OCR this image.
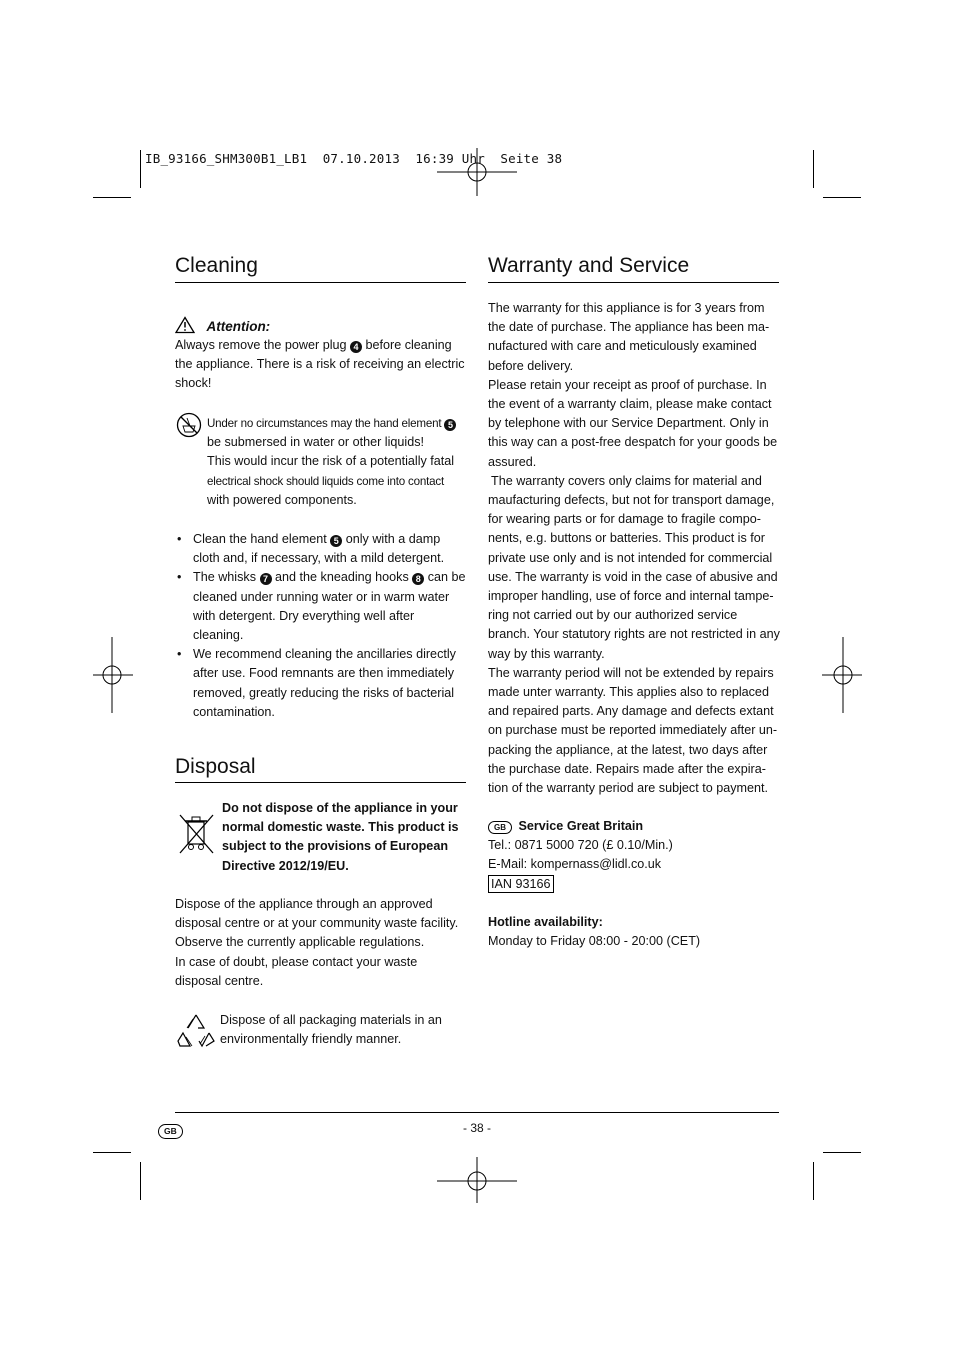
IB_93166_SHM300B1_LB1  07.10.2013  16:39 Uhr  Seite 38
Cleaning
Attention:
Always remove the power plug 4 before cleaning the appliance. There is a risk of receiving an electric shock!
Under no circumstances may the hand element 5
be submersed in water or other liquids!
This would incur the risk of a potentially fatal
electrical shock should liquids come into contact
with powered components.
• Clean the hand element 5 only with a damp cloth and, if necessary, with a mild detergent.
• The whisks 7 and the kneading hooks 8 can be cleaned under running water or in warm water with detergent. Dry everything well after cleaning.
• We recommend cleaning the ancillaries directly after use. Food remnants are then immediately removed, greatly reducing the risks of bacterial contamination.
Disposal
Do not dispose of the appliance in your normal domestic waste. This product is subject to the provisions of European Directive 2012/19/EU.
Dispose of the appliance through an approved disposal centre or at your community waste facility. Observe the currently applicable regulations.
In case of doubt, please contact your waste disposal centre.
Dispose of all packaging materials in an environmentally friendly manner.
Warranty and Service
The warranty for this appliance is for 3 years from the date of purchase. The appliance has been ma-nufactured with care and meticulously examined before delivery.
Please retain your receipt as proof of purchase. In the event of a warranty claim, please make contact by telephone with our Service Department. Only in this way can a post-free despatch for your goods be assured.
The warranty covers only claims for material and maufacturing defects, but not for transport damage, for wearing parts or for damage to fragile compo-nents, e.g. buttons or batteries. This product is for private use only and is not intended for commercial use. The warranty is void in the case of abusive and improper handling, use of force and internal tampe-ring not carried out by our authorized service branch. Your statutory rights are not restricted in any way by this warranty.
The warranty period will not be extended by repairs made unter warranty. This applies also to replaced and repaired parts. Any damage and defects extant on purchase must be reported immediately after un-packing the appliance, at the latest, two days after the purchase date. Repairs made after the expira-tion of the warranty period are subject to payment.
GB Service Great Britain
Tel.: 0871 5000 720 (£ 0.10/Min.)
E-Mail: kompernass@lidl.co.uk
IAN 93166
Hotline availability:
Monday to Friday 08:00 - 20:00 (CET)
GB	- 38 -
